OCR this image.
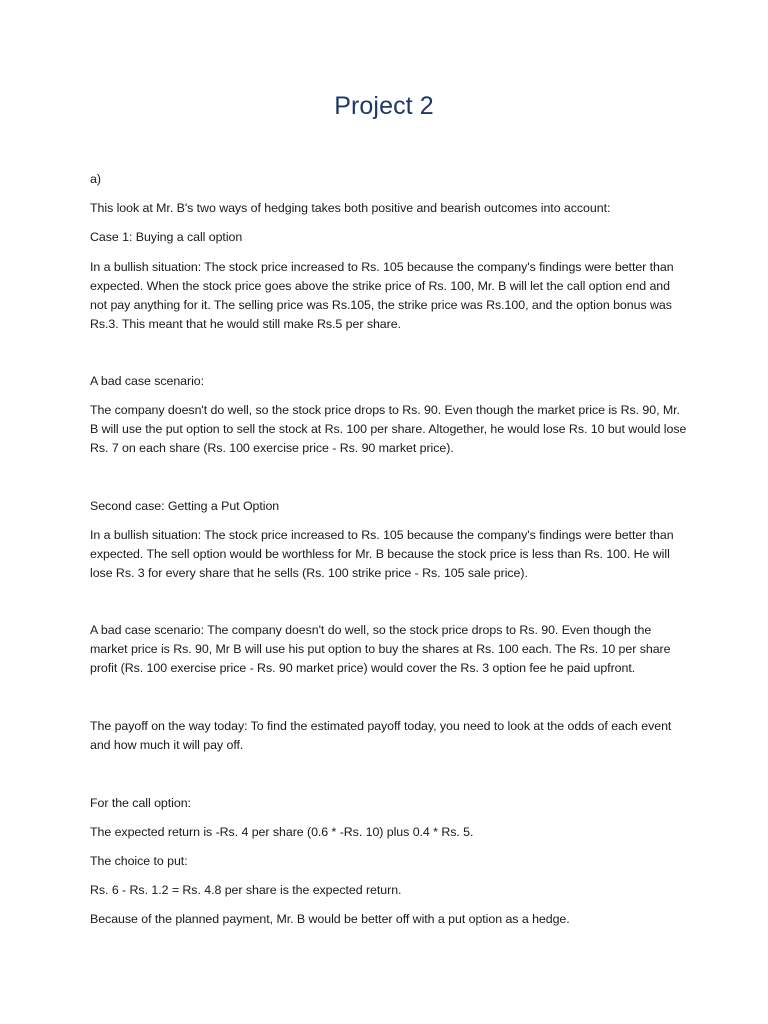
Project 2

a)

This look at Mr. B's two ways of hedging takes both positive and bearish outcomes into account:

Case 1: Buying a call option

In a bullish situation: The stock price increased to Rs. 105 because the company's findings were better than expected. When the stock price goes above the strike price of Rs. 100, Mr. B will let the call option end and not pay anything for it. The selling price was Rs.105, the strike price was Rs.100, and the option bonus was Rs.3. This meant that he would still make Rs.5 per share.

A bad case scenario:

The company doesn't do well, so the stock price drops to Rs. 90. Even though the market price is Rs. 90, Mr. B will use the put option to sell the stock at Rs. 100 per share. Altogether, he would lose Rs. 10 but would lose Rs. 7 on each share (Rs. 100 exercise price - Rs. 90 market price).

Second case: Getting a Put Option

In a bullish situation: The stock price increased to Rs. 105 because the company's findings were better than expected. The sell option would be worthless for Mr. B because the stock price is less than Rs. 100. He will lose Rs. 3 for every share that he sells (Rs. 100 strike price - Rs. 105 sale price).

A bad case scenario: The company doesn't do well, so the stock price drops to Rs. 90. Even though the market price is Rs. 90, Mr B will use his put option to buy the shares at Rs. 100 each. The Rs. 10 per share profit (Rs. 100 exercise price - Rs. 90 market price) would cover the Rs. 3 option fee he paid upfront.

The payoff on the way today: To find the estimated payoff today, you need to look at the odds of each event and how much it will pay off.

For the call option:

The expected return is -Rs. 4 per share (0.6 * -Rs. 10) plus 0.4 * Rs. 5.

The choice to put:

Rs. 6 - Rs. 1.2 = Rs. 4.8 per share is the expected return.

Because of the planned payment, Mr. B would be better off with a put option as a hedge.
